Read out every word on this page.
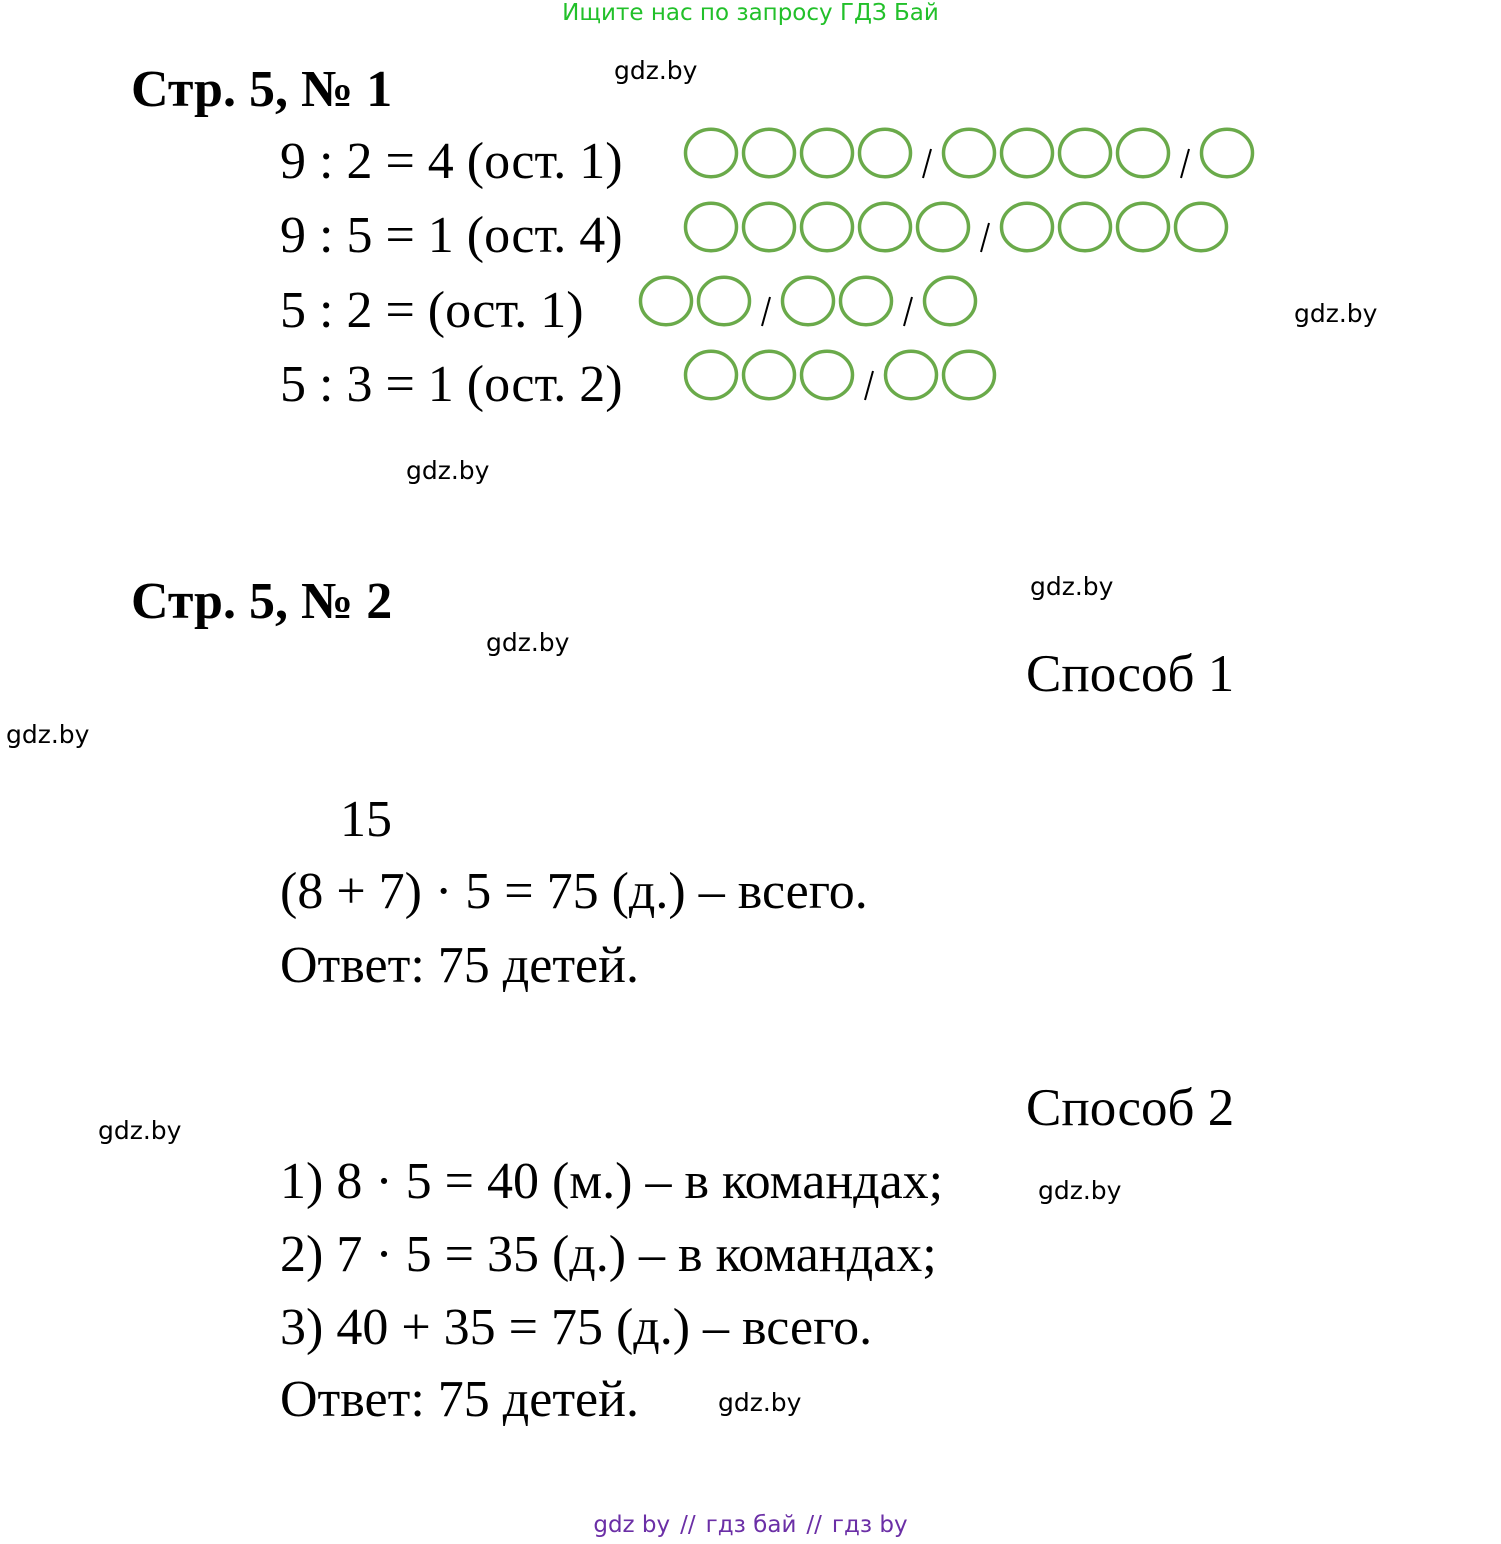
Ищите нас по запросу ГДЗ Бай
Стр. 5, № 1
9 : 2 = 4 (ост. 1)
9 : 5 = 1 (ост. 4)
5 : 2 = (ост. 1)
5 : 3 = 1 (ост. 2)
Стр. 5, № 2
Способ 1
15
(8 + 7) · 5 = 75 (д.) – всего.
Ответ: 75 детей.
Способ 2
1) 8 · 5 = 40 (м.) – в командах;
2) 7 · 5 = 35 (д.) – в командах;
3) 40 + 35 = 75 (д.) – всего.
Ответ: 75 детей.
gdz.by
gdz.by
gdz.by
gdz.by
gdz.by
gdz.by
gdz.by
gdz.by
gdz.by
gdz by // гдз бай // гдз by
